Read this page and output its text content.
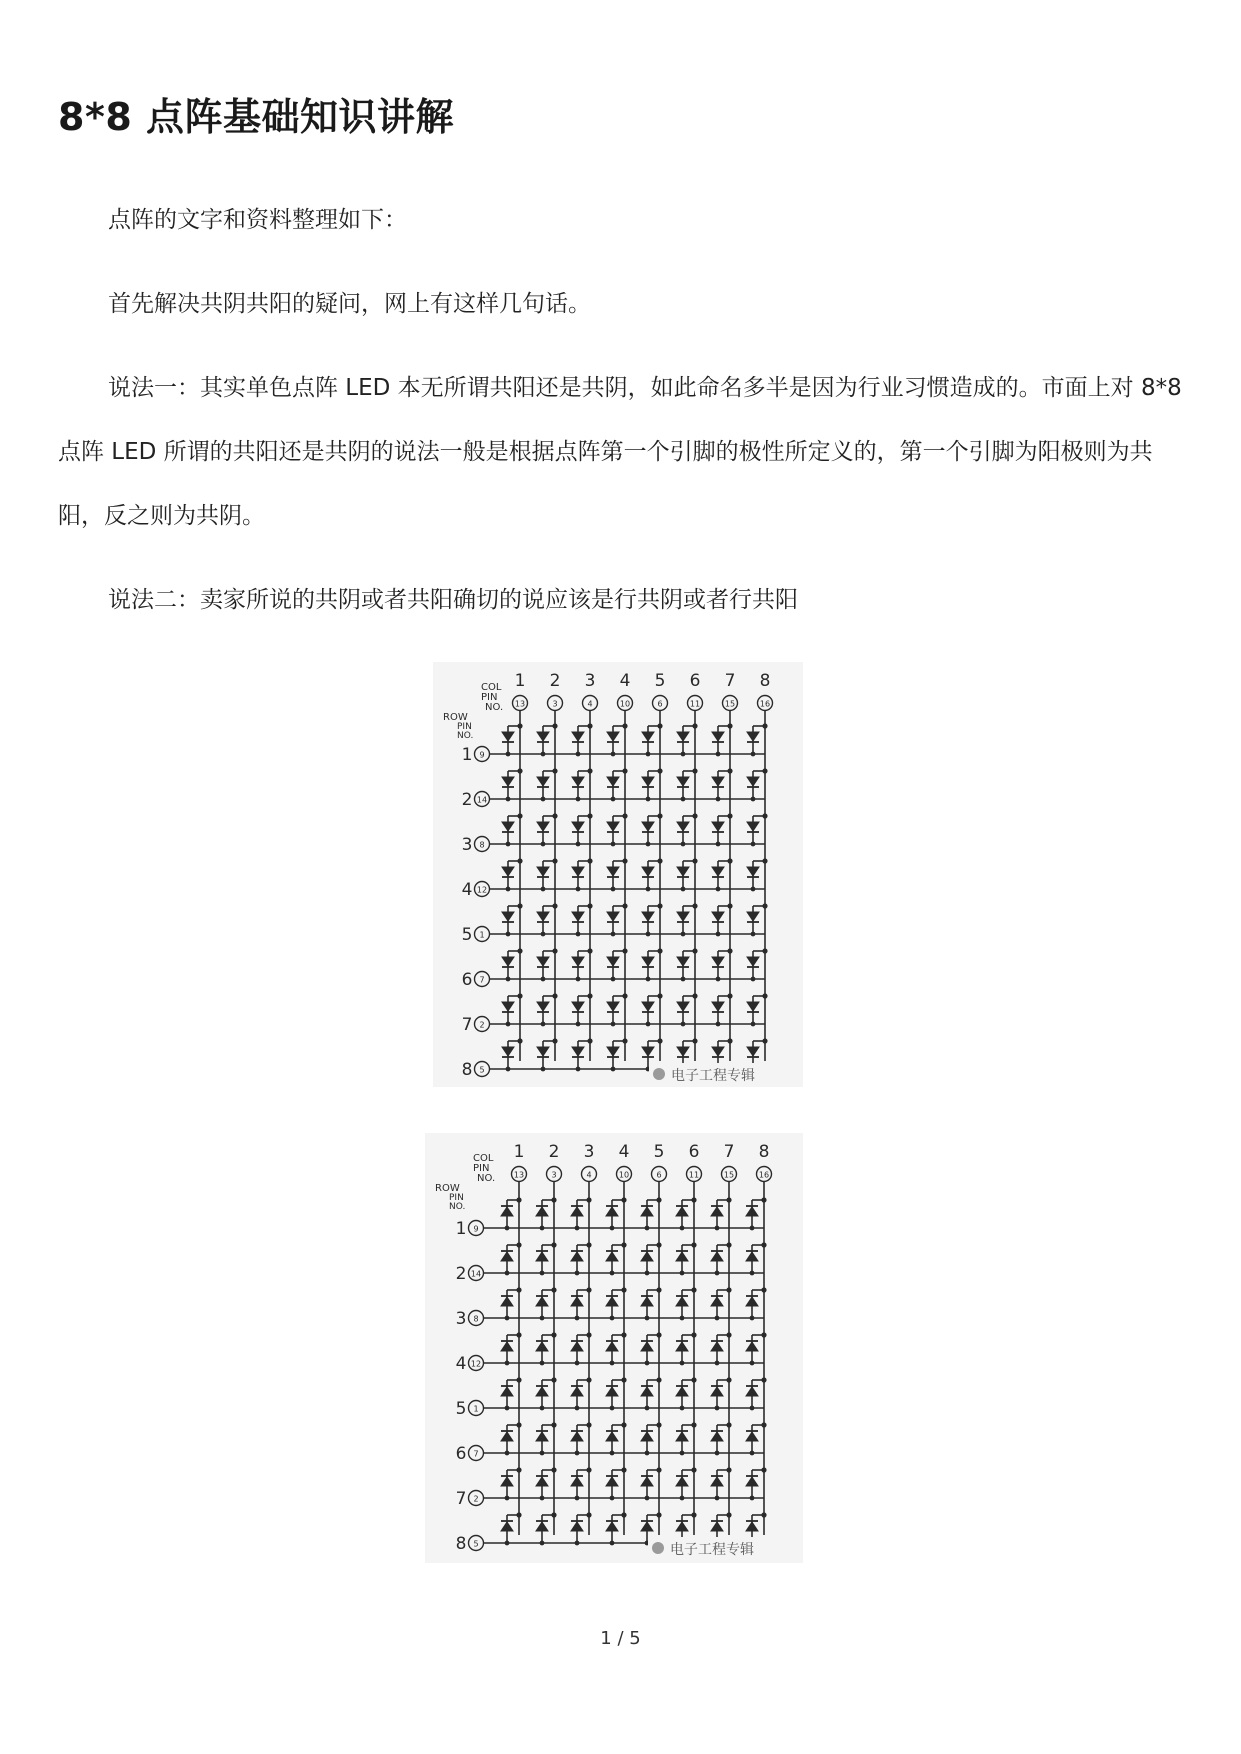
8*8 点阵基础知识讲解

点阵的文字和资料整理如下：

首先解决共阴共阳的疑问，网上有这样几句话。

说法一：其实单色点阵 LED 本无所谓共阳还是共阴，如此命名多半是因为行业习惯造成的。市面上对 8*8 点阵 LED 所谓的共阳还是共阴的说法一般是根据点阵第一个引脚的极性所定义的，第一个引脚为阳极则为共阳，反之则为共阴。

说法二：卖家所说的共阴或者共阳确切的说应该是行共阴或者行共阳

COL
PIN
NO.
ROW
PIN
NO.
1
13
2
3
3
4
4
10
5
6
6
11
7
15
8
16
1 9
2 14
3 8
4 12
5 1
6 7
7 2
8 5	电子工程专辑
COL
PIN
NO.
ROW
PIN
NO.
1
13
2
3
3
4
4
10
5
6
6
11
7
15
8
16
1 9
2 14
3 8
4 12
5 1
6 7
7 2
8 5	电子工程专辑
1 / 5
